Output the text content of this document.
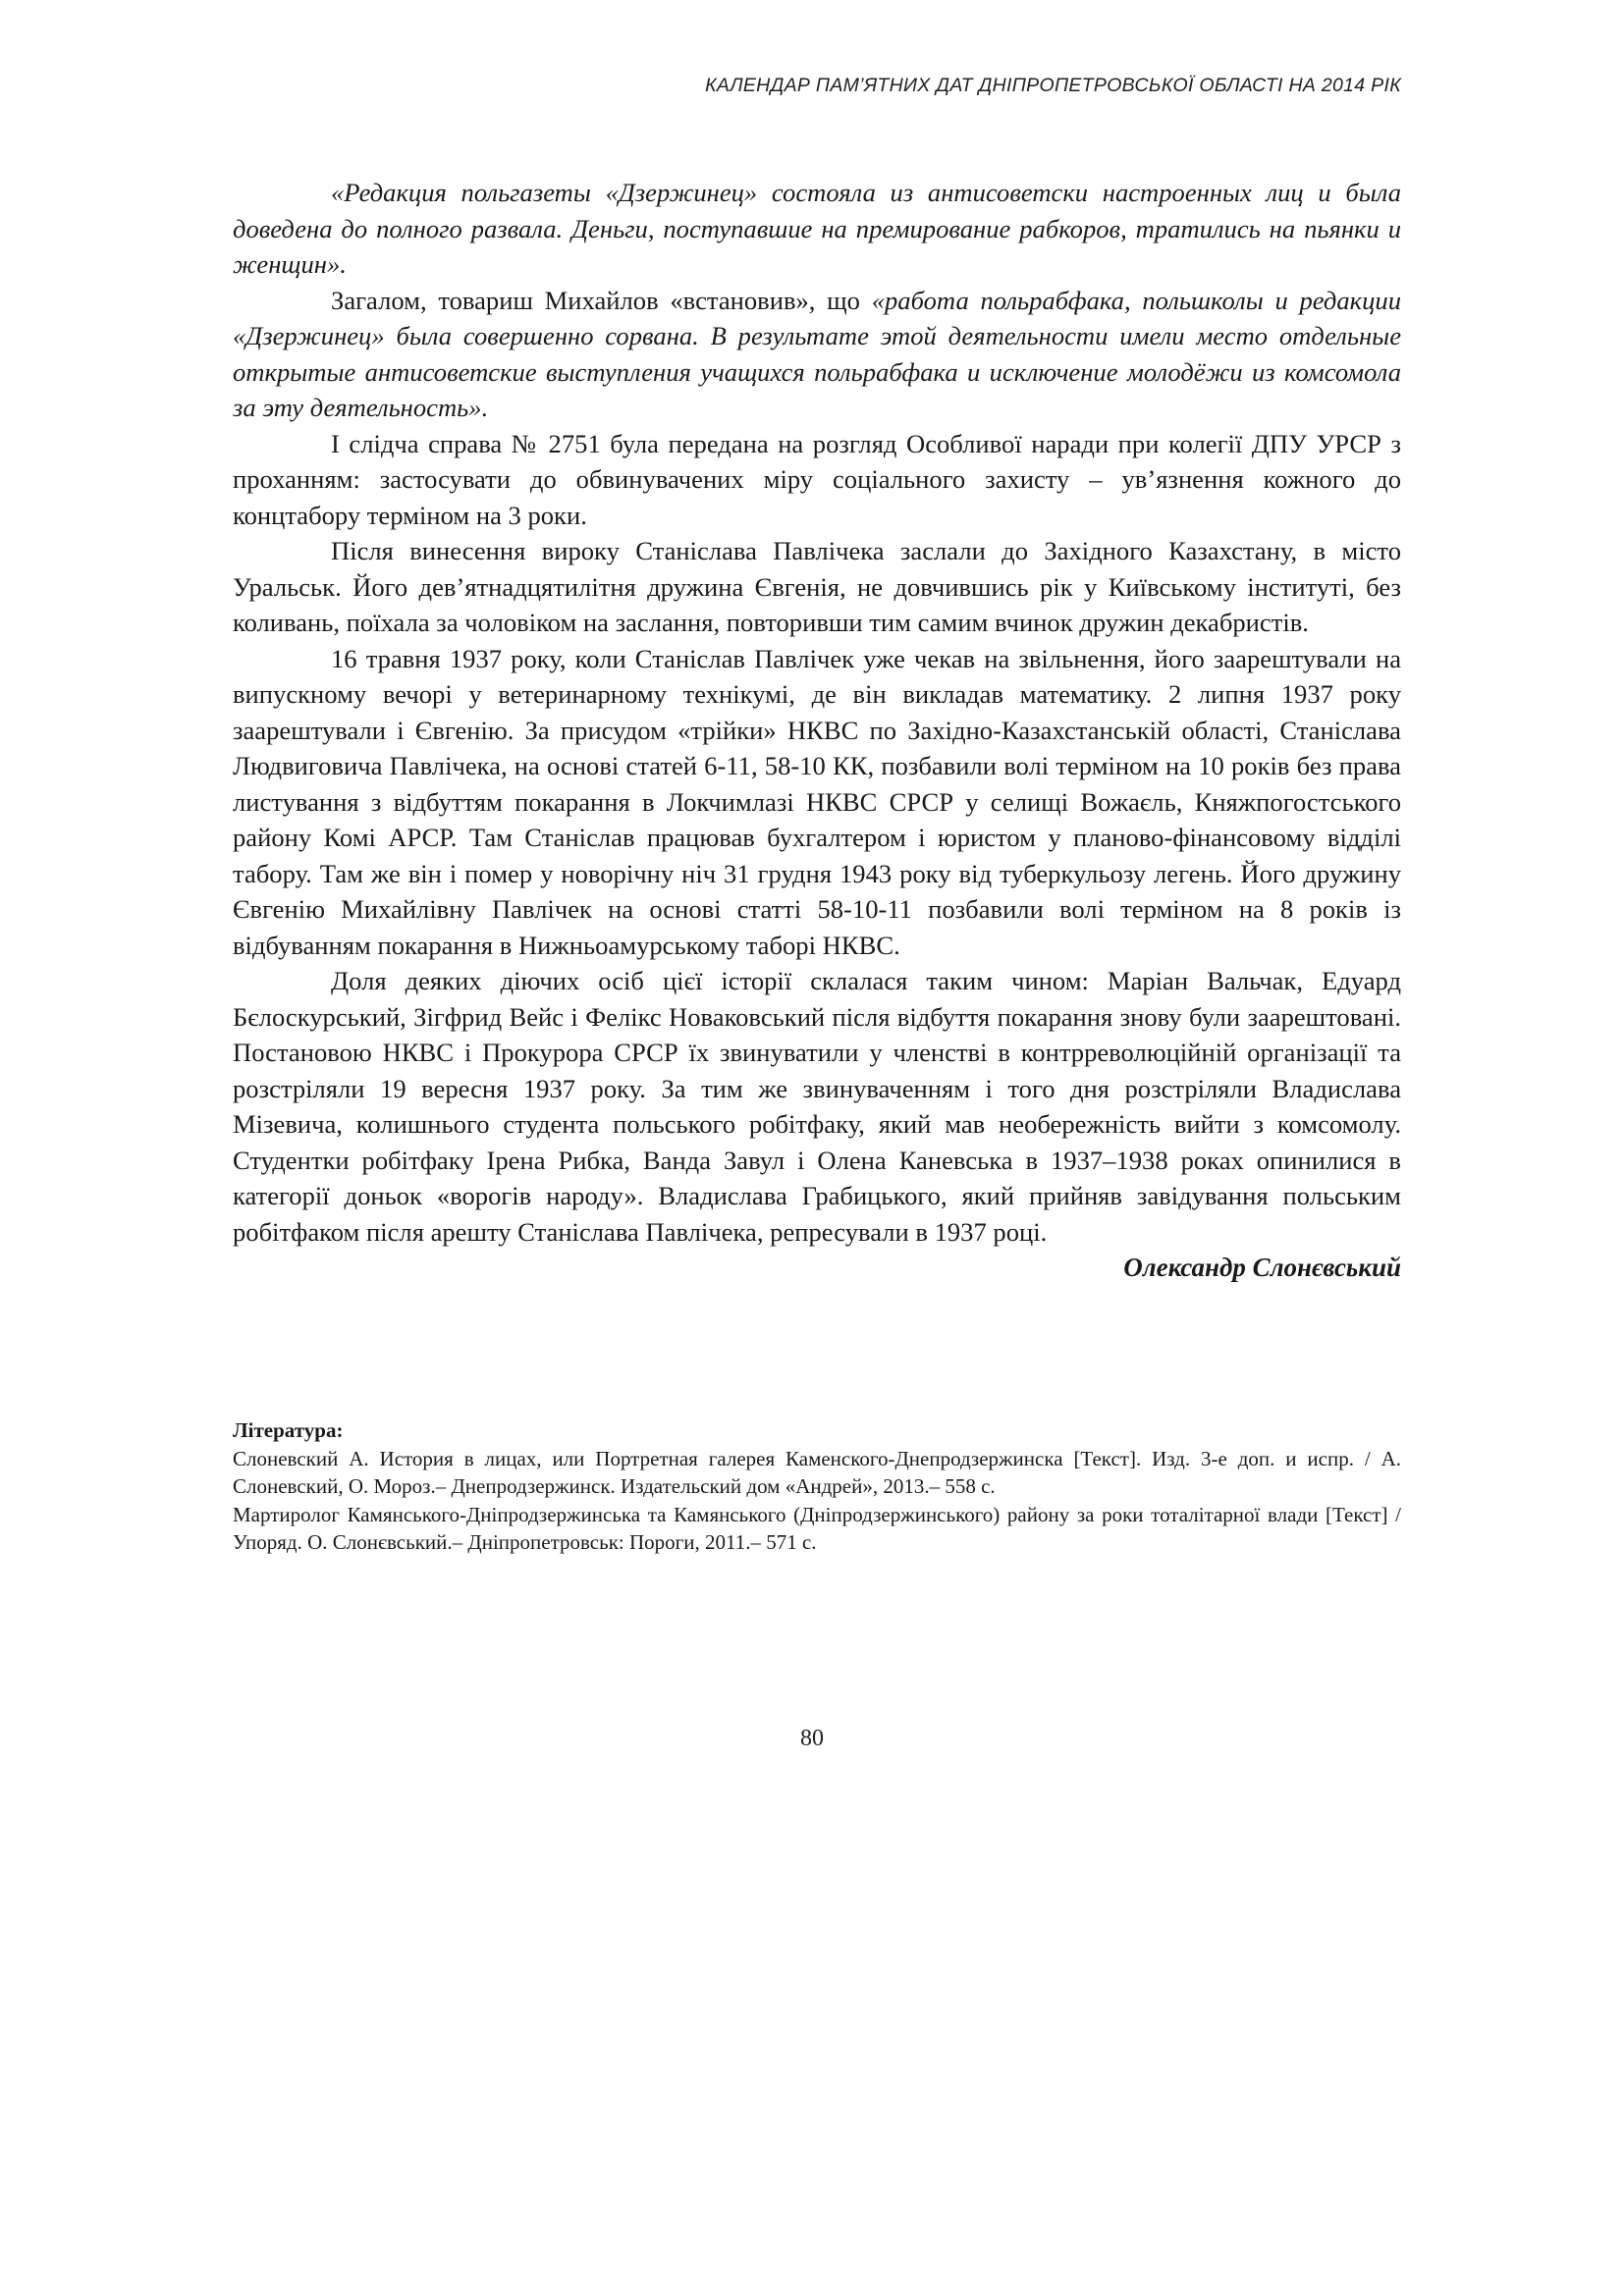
КАЛЕНДАР ПАМ’ЯТНИХ ДАТ ДНІПРОПЕТРОВСЬКОЇ ОБЛАСТІ НА 2014 РІК

«Редакция польгазеты «Дзержинец» состояла из антисоветски настроенных лиц и была доведена до полного развала. Деньги, поступавшие на премирование рабкоров, тратились на пьянки и женщин».

Загалом, товариш Михайлов «встановив», що «работа польрабфака, польшколы и редакции «Дзержинец» была совершенно сорвана. В результате этой деятельности имели место отдельные открытые антисоветские выступления учащихся польрабфака и исключение молодёжи из комсомола за эту деятельность».

І слідча справа № 2751 була передана на розгляд Особливої наради при колегії ДПУ УРСР з проханням: застосувати до обвинувачених міру соціального захисту – ув’язнення кожного до концтабору терміном на 3 роки.

Після винесення вироку Станіслава Павлічека заслали до Західного Казахстану, в місто Уральськ. Його дев’ятнадцятилітня дружина Євгенія, не довчившись рік у Київському інституті, без коливань, поїхала за чоловіком на заслання, повторивши тим самим вчинок дружин декабристів.

16 травня 1937 року, коли Станіслав Павлічек уже чекав на звільнення, його заарештували на випускному вечорі у ветеринарному технікумі, де він викладав математику. 2 липня 1937 року заарештували і Євгенію. За присудом «трійки» НКВС по Західно-Казахстанській області, Станіслава Людвиговича Павлічека, на основі статей 6-11, 58-10 КК, позбавили волі терміном на 10 років без права листування з відбуттям покарання в Локчимлазі НКВС СРСР у селищі Вожаєль, Княжпогостського району Комі АРСР. Там Станіслав працював бухгалтером і юристом у планово-фінансовому відділі табору. Там же він і помер у новорічну ніч 31 грудня 1943 року від туберкульозу легень. Його дружину Євгенію Михайлівну Павлічек на основі статті 58-10-11 позбавили волі терміном на 8 років із відбуванням покарання в Нижньоамурському таборі НКВС.

Доля деяких діючих осіб цієї історії склалася таким чином: Маріан Вальчак, Едуард Бєлоскурський, Зігфрид Вейс і Фелікс Новаковський після відбуття покарання знову були заарештовані. Постановою НКВС і Прокурора СРСР їх звинуватили у членстві в контрреволюційній організації та розстріляли 19 вересня 1937 року. За тим же звинуваченням і того дня розстріляли Владислава Мізевича, колишнього студента польського робітфаку, який мав необережність вийти з комсомолу. Студентки робітфаку Ірена Рибка, Ванда Завул і Олена Каневська в 1937–1938 роках опинилися в категорії доньок «ворогів народу». Владислава Грабицького, який прийняв завідування польським робітфаком після арешту Станіслава Павлічека, репресували в 1937 році.

Олександр Слонєвський

Література:

Слоневский А. История в лицах, или Портретная галерея Каменского-Днепродзержинска [Текст]. Изд. 3-е доп. и испр. / А. Слоневский, О. Мороз.– Днепродзержинск. Издательский дом «Андрей», 2013.– 558 с.

Мартиролог Камянського-Дніпродзержинська та Камянського (Дніпродзержинського) району за роки тоталітарної влади [Текст] / Упоряд. О. Слонєвський.– Дніпропетровськ: Пороги, 2011.– 571 с.

80
